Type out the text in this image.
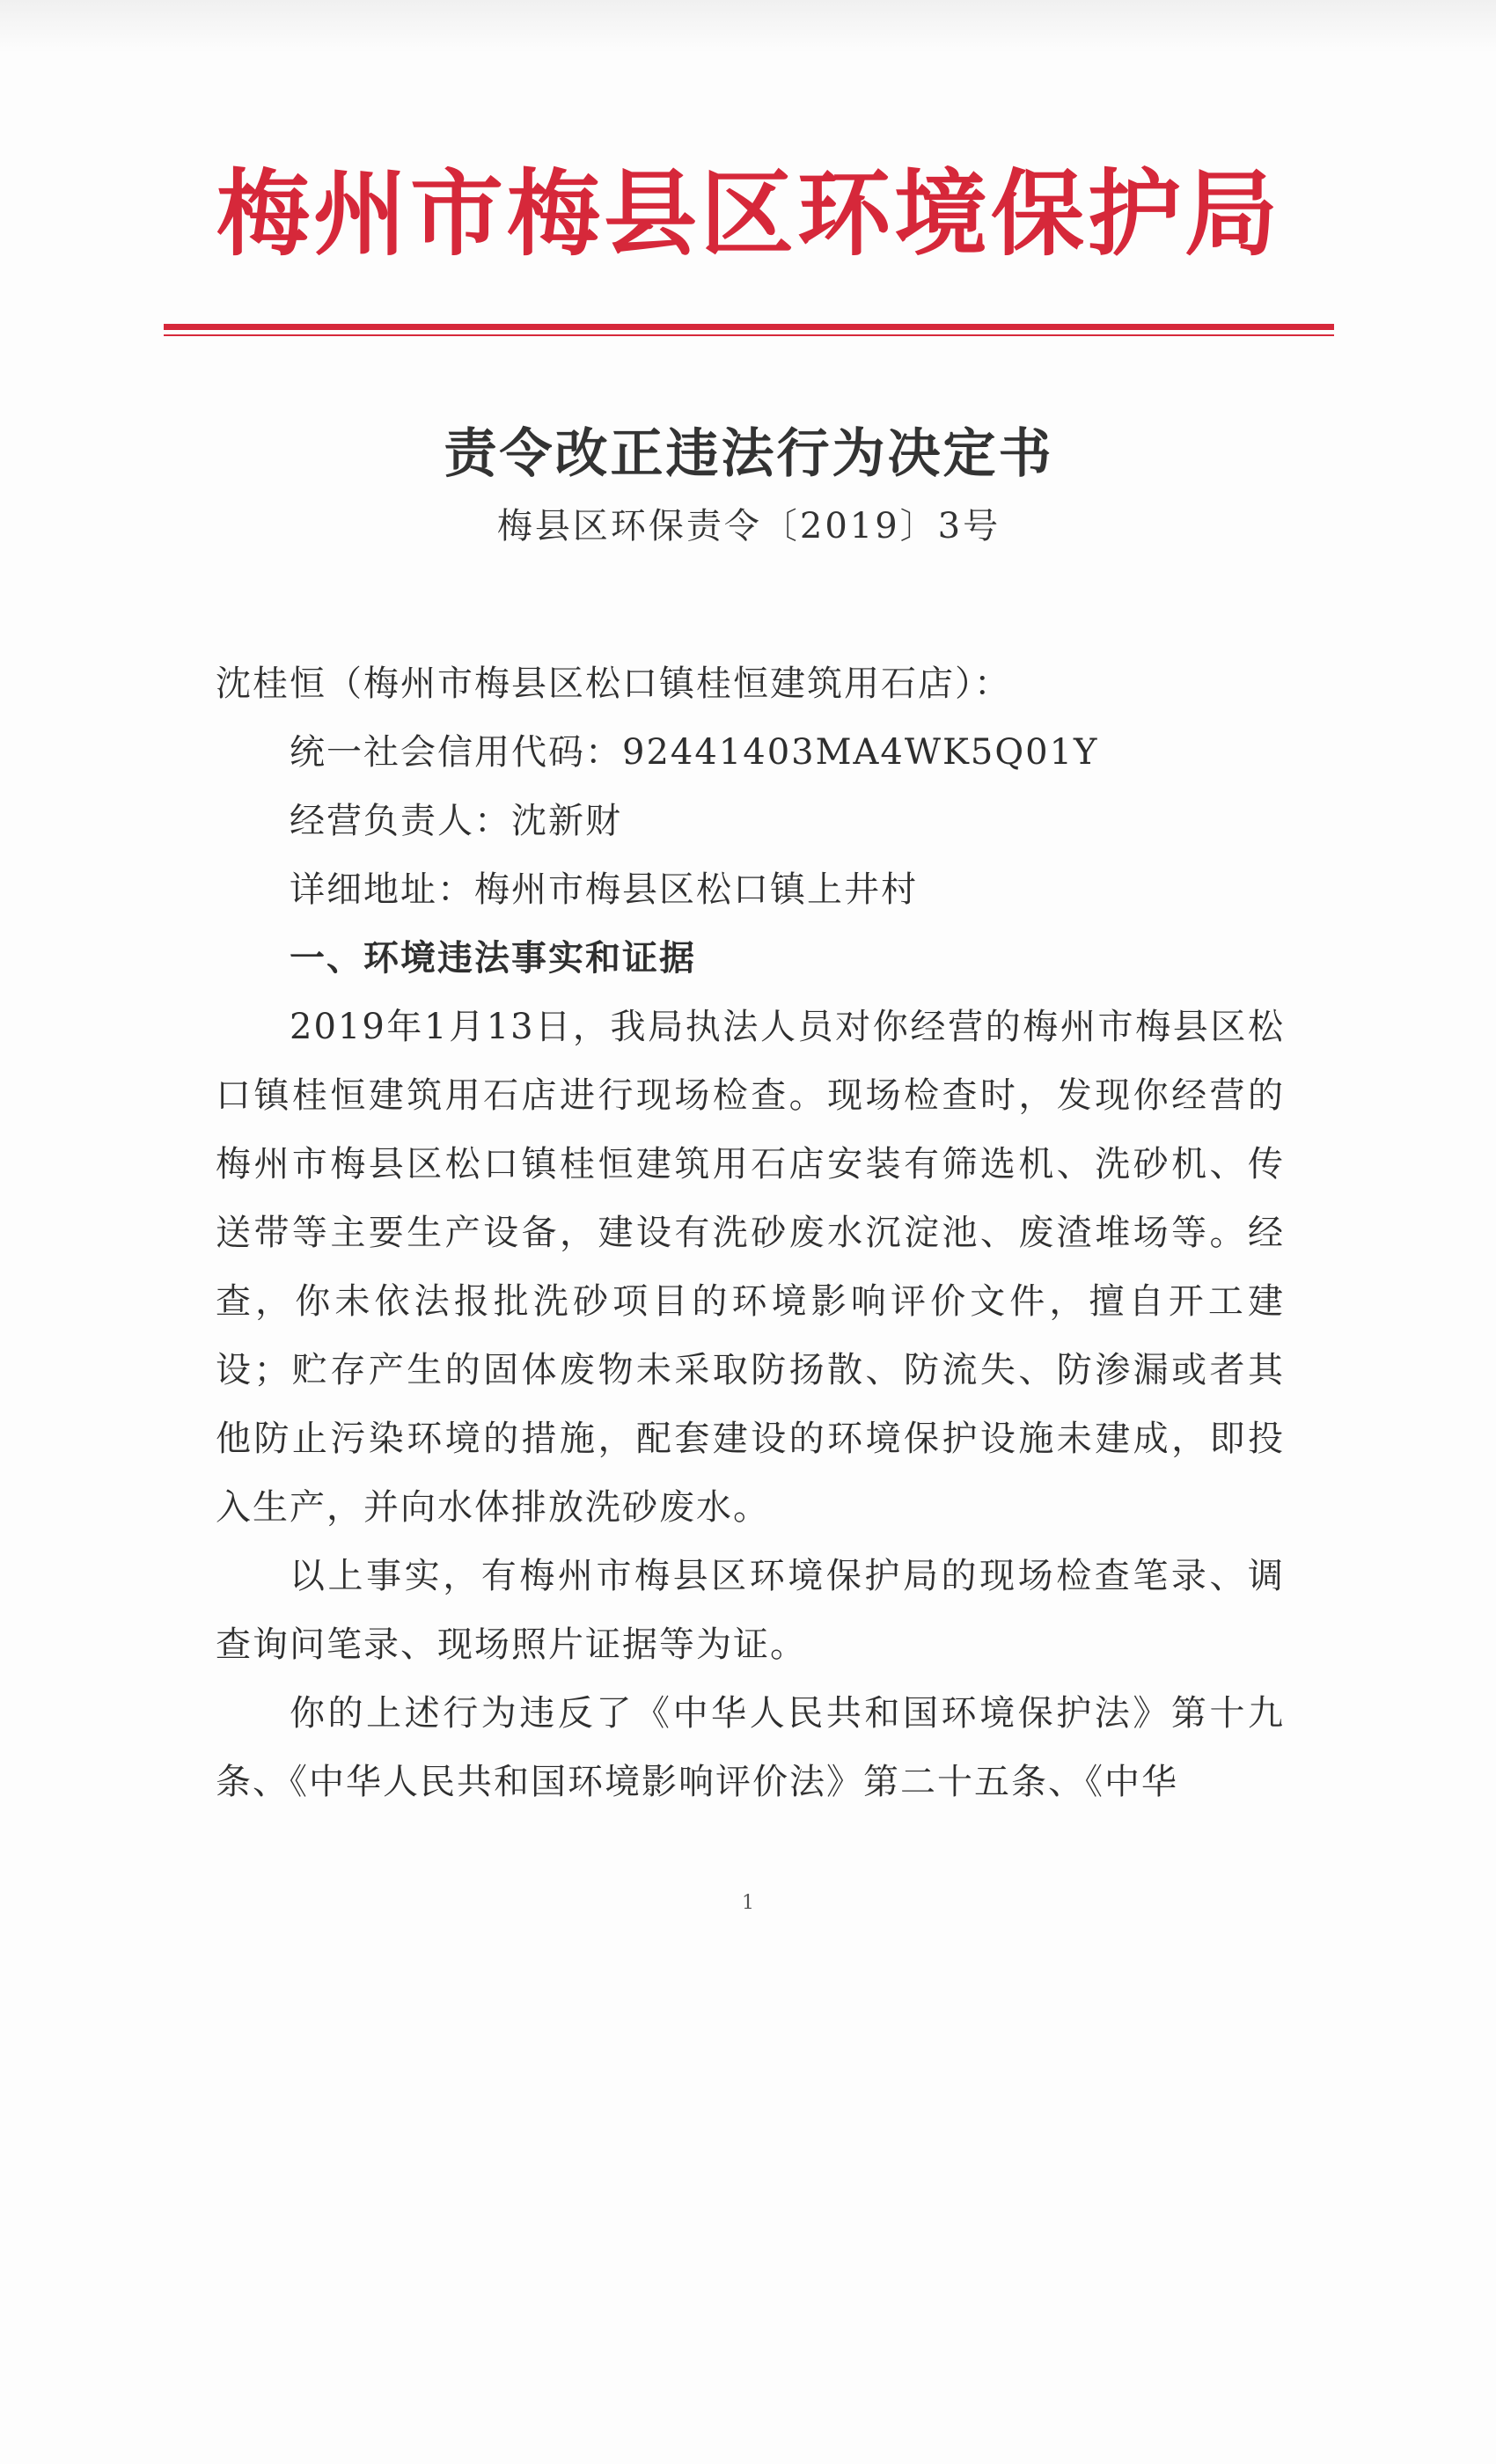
梅州市梅县区环境保护局
责令改正违法行为决定书
梅县区环保责令〔2019〕3号

沈桂恒（梅州市梅县区松口镇桂恒建筑用石店）：

统一社会信用代码：92441403MA4WK5Q01Y

经营负责人：沈新财

详细地址：梅州市梅县区松口镇上井村

一、环境违法事实和证据

2019年1月13日，我局执法人员对你经营的梅州市梅县区松口镇桂恒建筑用石店进行现场检查。现场检查时，发现你经营的梅州市梅县区松口镇桂恒建筑用石店安装有筛选机、洗砂机、传送带等主要生产设备，建设有洗砂废水沉淀池、废渣堆场等。经查，你未依法报批洗砂项目的环境影响评价文件，擅自开工建设；贮存产生的固体废物未采取防扬散、防流失、防渗漏或者其他防止污染环境的措施，配套建设的环境保护设施未建成，即投入生产，并向水体排放洗砂废水。

以上事实，有梅州市梅县区环境保护局的现场检查笔录、调查询问笔录、现场照片证据等为证。

你的上述行为违反了《中华人民共和国环境保护法》第十九条、《中华人民共和国环境影响评价法》第二十五条、《中华

1
